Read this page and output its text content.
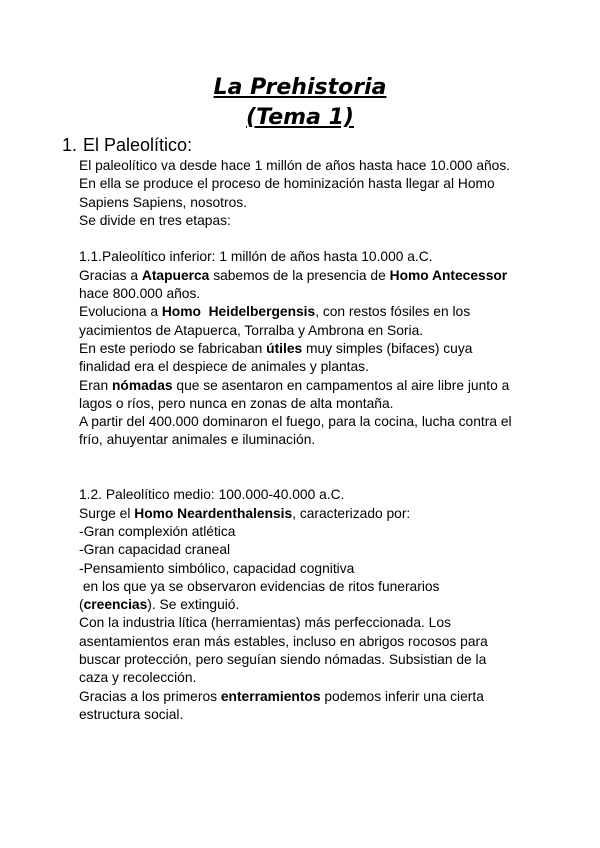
La Prehistoria
(Tema 1)
1. El Paleolítico:
El paleolítico va desde hace 1 millón de años hasta hace 10.000 años.
En ella se produce el proceso de hominización hasta llegar al Homo
Sapiens Sapiens, nosotros.
Se divide en tres etapas:
1.1.Paleolítico inferior: 1 millón de años hasta 10.000 a.C.
Gracias a Atapuerca sabemos de la presencia de Homo Antecessor
hace 800.000 años.
Evoluciona a Homo  Heidelbergensis, con restos fósiles en los
yacimientos de Atapuerca, Torralba y Ambrona en Soria.
En este periodo se fabricaban útiles muy simples (bifaces) cuya
finalidad era el despiece de animales y plantas.
Eran nómadas que se asentaron en campamentos al aire libre junto a
lagos o ríos, pero nunca en zonas de alta montaña.
A partir del 400.000 dominaron el fuego, para la cocina, lucha contra el
frío, ahuyentar animales e iluminación.
1.2. Paleolítico medio: 100.000-40.000 a.C.
Surge el Homo Neardenthalensis, caracterizado por:
-Gran complexión atlética
-Gran capacidad craneal
-Pensamiento simbólico, capacidad cognitiva
en los que ya se observaron evidencias de ritos funerarios
(creencias). Se extinguió.
Con la industria lítica (herramientas) más perfeccionada. Los
asentamientos eran más estables, incluso en abrigos rocosos para
buscar protección, pero seguían siendo nómadas. Subsistian de la
caza y recolección.
Gracias a los primeros enterramientos podemos inferir una cierta
estructura social.
